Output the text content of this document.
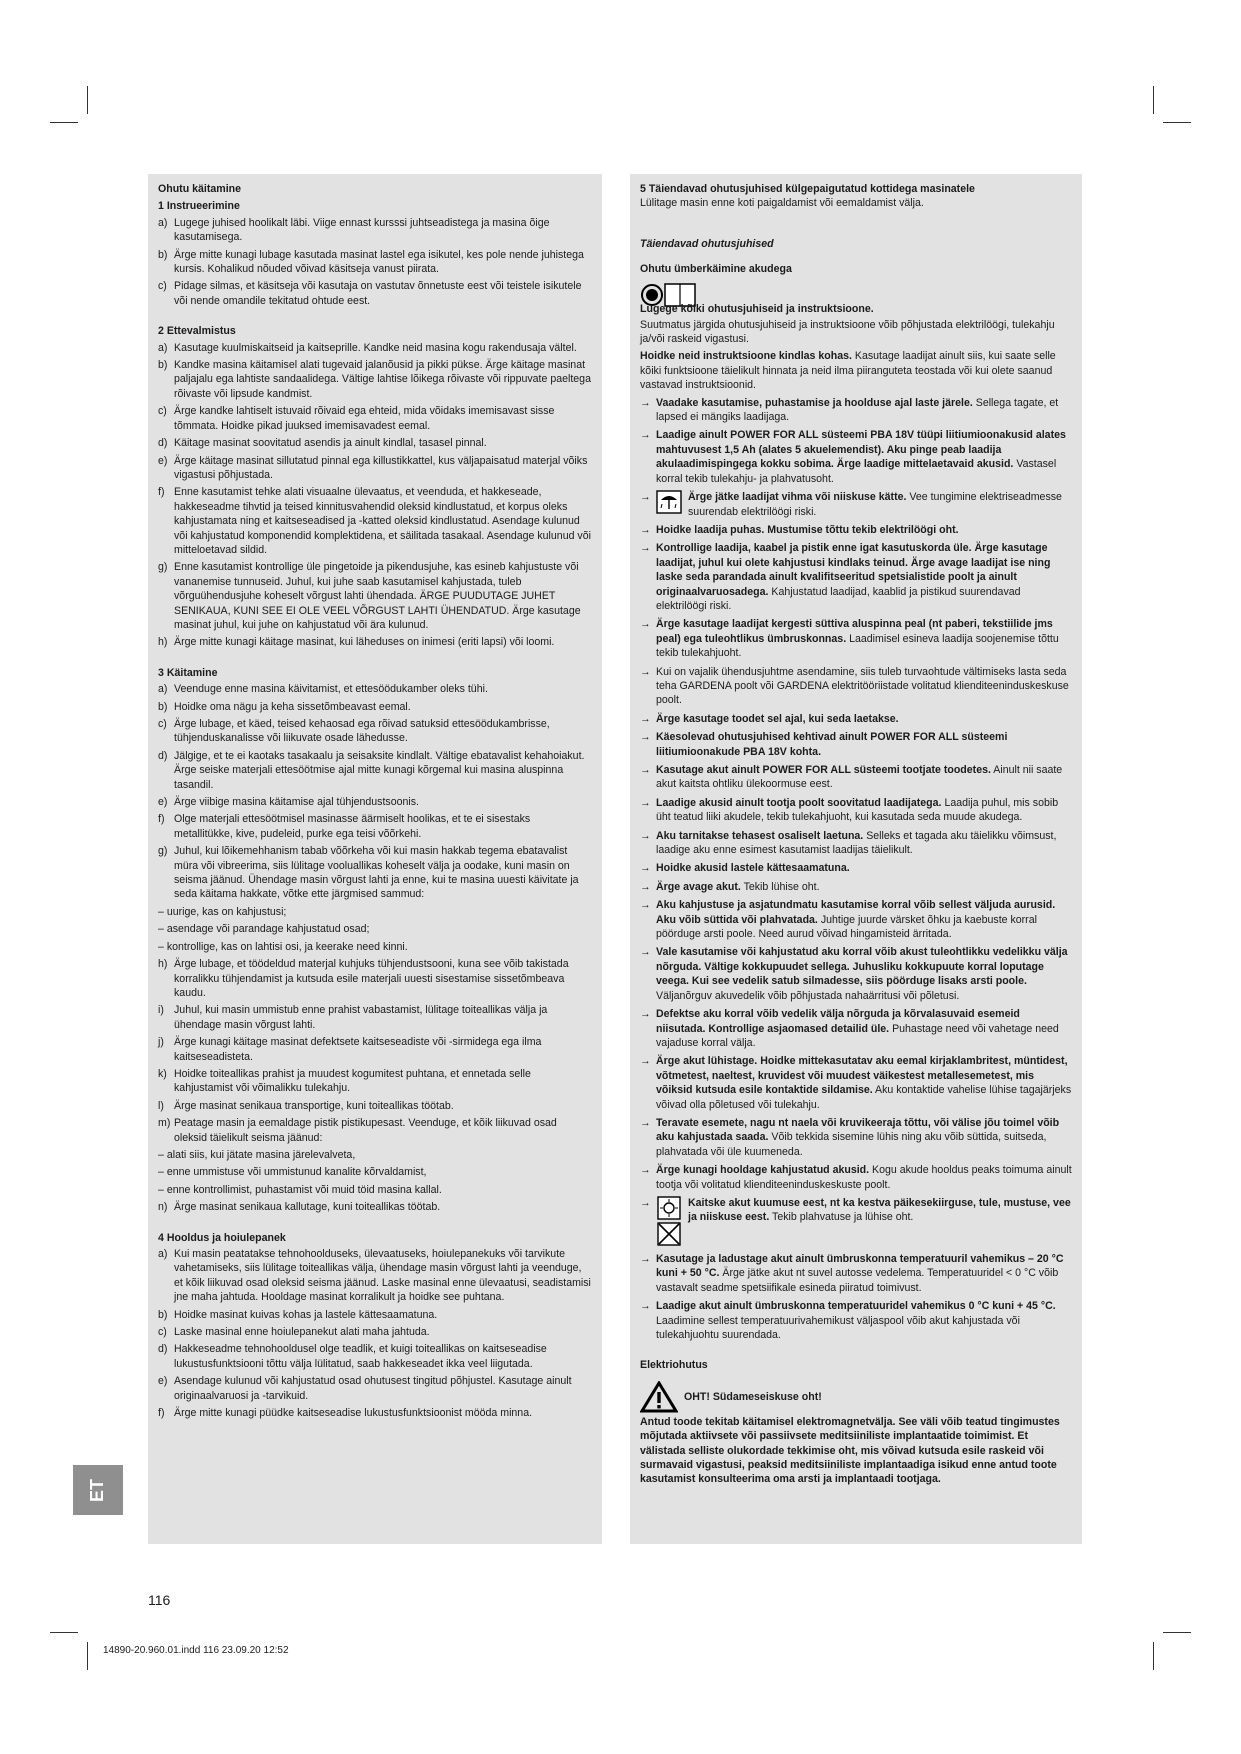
Ohutu käitamine

1 Instrueerimine

a) Lugege juhised hoolikalt läbi. Viige ennast kursssi juhtseadistega ja masina õige kasutamisega.
b) Ärge mitte kunagi lubage kasutada masinat lastel ega isikutel, kes pole nende juhistega kursis. Kohalikud nõuded võivad käsitseja vanust piirata.
c) Pidage silmas, et käsitseja või kasutaja on vastutav õnnetuste eest või teistele isikutele või nende omandile tekitatud ohtude eest.

2 Ettevalmistus

a) Kasutage kuulmiskaitseid ja kaitseprille. Kandke neid masina kogu rakendusaja vältel.
b) Kandke masina käitamisel alati tugevaid jalanõusid ja pikki pükse. Ärge käitage masinat paljajalu ega lahtiste sandaalidega. Vältige lahtise lõikega rõivaste või rippuvate paeltega rõivaste või lipsude kandmist.
c) Ärge kandke lahtiselt istuvaid rõivaid ega ehteid, mida võidaks imemisavast sisse tõmmata. Hoidke pikad juuksed imemisavadest eemal.
d) Käitage masinat soovitatud asendis ja ainult kindlal, tasasel pinnal.
e) Ärge käitage masinat sillutatud pinnal ega killustikkattel, kus väljapaisatud materjal võiks vigastusi põhjustada.
f) Enne kasutamist tehke alati visuaalne ülevaatus, et veenduda, et hakkeseade, hakkeseadme tihvtid ja teised kinnitusvahendid oleksid kindlustatud, et korpus oleks kahjustamata ning et kaitseseadised ja -katted oleksid kindlustatud. Asendage kulunud või kahjustatud komponendid komplektidena, et säilitada tasakaal. Asendage kulunud või mitteloetavad sildid.
g) Enne kasutamist kontrollige üle pingetoide ja pikendusjuhe, kas esineb kahjustuste või vananemise tunnuseid. Juhul, kui juhe saab kasutamisel kahjustada, tuleb võrguühendusjuhe koheselt võrgust lahti ühendada. ÄRGE PUUDUTAGE JUHET SENIKAUA, KUNI SEE EI OLE VEEL VÕRGUST LAHTI ÜHENDATUD. Ärge kasutage masinat juhul, kui juhe on kahjustatud või ära kulunud.
h) Ärge mitte kunagi käitage masinat, kui läheduses on inimesi (eriti lapsi) või loomi.

3 Käitamine

a) Veenduge enne masina käivitamist, et ettesöödukamber oleks tühi.
b) Hoidke oma nägu ja keha sissetõmbeavast eemal.
c) Ärge lubage, et käed, teised kehaosad ega rõivad satuksid ettesöödukambrisse, tühjenduskanalisse või liikuvate osade lähedusse.
d) Jälgige, et te ei kaotaks tasakaalu ja seisaksite kindlalt. Vältige ebatavalist kehahoiakut. Ärge seiske materjali ettesöötmise ajal mitte kunagi kõrgemal kui masina aluspinna tasandil.
e) Ärge viibige masina käitamise ajal tühjendustsoonis.
f) Olge materjali ettesöötmisel masinasse äärmiselt hoolikas, et te ei sisestaks metallitükke, kive, pudeleid, purke ega teisi võõrkehi.
g) Juhul, kui lõikemehhanism tabab võõrkeha või kui masin hakkab tegema ebatavalist müra või vibreerima, siis lülitage vooluallikas koheselt välja ja oodake, kuni masin on seisma jäänud. Ühendage masin võrgust lahti ja enne, kui te masina uuesti käivitate ja seda käitama hakkate, võtke ette järgmised sammud:
– uurige, kas on kahjustusi;
– asendage või parandage kahjustatud osad;
– kontrollige, kas on lahtisi osi, ja keerake need kinni.
h) Ärge lubage, et töödeldud materjal kuhjuks tühjendustsooni, kuna see võib takistada korralikku tühjendamist ja kutsuda esile materjali uuesti sisestamise sissetõmbeava kaudu.
i) Juhul, kui masin ummistub enne prahist vabastamist, lülitage toiteallikas välja ja ühendage masin võrgust lahti.
j) Ärge kunagi käitage masinat defektsete kaitseseadiste või -sirmidega ega ilma kaitseseadisteta.
k) Hoidke toiteallikas prahist ja muudest kogumitest puhtana, et ennetada selle kahjustamist või võimalikku tulekahju.
l) Ärge masinat senikaua transportige, kuni toiteallikas töötab.
m) Peatage masin ja eemaldage pistik pistikupesast. Veenduge, et kõik liikuvad osad oleksid täielikult seisma jäänud:
– alati siis, kui jätate masina järelevalveta,
– enne ummistuse või ummistunud kanalite kõrvaldamist,
– enne kontrollimist, puhastamist või muid töid masina kallal.
n) Ärge masinat senikaua kallutage, kuni toiteallikas töötab.

4 Hooldus ja hoiulepanek

a) Kui masin peatatakse tehnohoolduseks, ülevaatuseks, hoiulepanekuks või tarvikute vahetamiseks, siis lülitage toiteallikas välja, ühendage masin võrgust lahti ja veenduge, et kõik liikuvad osad oleksid seisma jäänud. Laske masinal enne ülevaatusi, seadistamisi jne maha jahtuda. Hooldage masinat korralikult ja hoidke see puhtana.
b) Hoidke masinat kuivas kohas ja lastele kättesaamatuna.
c) Laske masinal enne hoiulepanekut alati maha jahtuda.
d) Hakkeseadme tehnohooldusel olge teadlik, et kuigi toiteallikas on kaitseseadise lukustusfunktsiooni tõttu välja lülitatud, saab hakkeseadet ikka veel liigutada.
e) Asendage kulunud või kahjustatud osad ohutusest tingitud põhjustel. Kasutage ainult originaalvaruosi ja -tarvikuid.
f) Ärge mitte kunagi püüdke kaitseseadise lukustusfunktsioonist mööda minna.

5 Täiendavad ohutusjuhised külgepaigutatud kottidega masinatele

Lülitage masin enne koti paigaldamist või eemaldamist välja.

Täiendavad ohutusjuhised

Ohutu ümberkäimine akudega

Lugege kõiki ohutusjuhiseid ja instruktsioone.

Suutmatus järgida ohutusjuhiseid ja instruktsioone võib põhjustada elektrilöögi, tulekahju ja/või raskeid vigastusi.

Hoidke neid instruktsioone kindlas kohas. Kasutage laadijat ainult siis, kui saate selle kõiki funktsioone täielikult hinnata ja neid ilma piiranguteta teostada või kui olete saanud vastavad instruktsioonid.

→ Vaadake kasutamise, puhastamise ja hoolduse ajal laste järele. Sellega tagate, et lapsed ei mängiks laadijaga.
→ Laadige ainult POWER FOR ALL süsteemi PBA 18V tüüpi liitiumioonakusid alates mahtuvusest 1,5 Ah (alates 5 akuelemendist). Aku pinge peab laadija akulaadimispingega kokku sobima. Ärge laadige mittelaetavaid akusid. Vastasel korral tekib tulekahju- ja plahvatusoht.
→	Ärge jätke laadijat vihma või niiskuse kätte. Vee tungimine elektriseadmesse suurendab elektrilöögi riski.
→ Hoidke laadija puhas. Mustumise tõttu tekib elektrilöögi oht.
→ Kontrollige laadija, kaabel ja pistik enne igat kasutuskorda üle. Ärge kasutage laadijat, juhul kui olete kahjustusi kindlaks teinud. Ärge avage laadijat ise ning laske seda parandada ainult kvalifitseeritud spetsialistide poolt ja ainult originaalvaruosadega. Kahjustatud laadijad, kaablid ja pistikud suurendavad elektrilöögi riski.
→ Ärge kasutage laadijat kergesti süttiva aluspinna peal (nt paberi, tekstiilide jms peal) ega tuleohtlikus ümbruskonnas. Laadimisel esineva laadija soojenemise tõttu tekib tulekahjuoht.
→ Kui on vajalik ühendusjuhtme asendamine, siis tuleb turvaohtude vältimiseks lasta seda teha GARDENA poolt või GARDENA elektritööriistade volitatud klienditeeninduskeskuse poolt.
→ Ärge kasutage toodet sel ajal, kui seda laetakse.
→ Käesolevad ohutusjuhised kehtivad ainult POWER FOR ALL süsteemi liitiumioonakude PBA 18V kohta.
→ Kasutage akut ainult POWER FOR ALL süsteemi tootjate toodetes. Ainult nii saate akut kaitsta ohtliku ülekoormuse eest.
→ Laadige akusid ainult tootja poolt soovitatud laadijatega. Laadija puhul, mis sobib üht teatud liiki akudele, tekib tulekahjuoht, kui kasutada seda muude akudega.
→ Aku tarnitakse tehasest osaliselt laetuna. Selleks et tagada aku täielikku võimsust, laadige aku enne esimest kasutamist laadijas täielikult.
→ Hoidke akusid lastele kättesaamatuna.
→ Ärge avage akut. Tekib lühise oht.
→ Aku kahjustuse ja asjatundmatu kasutamise korral võib sellest väljuda aurusid. Aku võib süttida või plahvatada. Juhtige juurde värsket õhku ja kaebuste korral pöörduge arsti poole. Need aurud võivad hingamisteid ärritada.
→ Vale kasutamise või kahjustatud aku korral võib akust tuleohtlikku vedelikku välja nõrguda. Vältige kokkupuudet sellega. Juhusliku kokkupuute korral loputage veega. Kui see vedelik satub silmadesse, siis pöörduge lisaks arsti poole. Väljanõrguv akuvedelik võib põhjustada nahaärritusi või põletusi.
→ Defektse aku korral võib vedelik välja nõrguda ja kõrvalasuvaid esemeid niisutada. Kontrollige asjaomased detailid üle. Puhastage need või vahetage need vajaduse korral välja.
→ Ärge akut lühistage. Hoidke mittekasutatav aku eemal kirjaklambritest, müntidest, võtmetest, naeltest, kruvidest või muudest väikestest metallesemetest, mis võiksid kutsuda esile kontaktide sildamise. Aku kontaktide vahelise lühise tagajärjeks võivad olla põletused või tulekahju.
→ Teravate esemete, nagu nt naela või kruvikeeraja tõttu, või välise jõu toimel võib aku kahjustada saada. Võib tekkida sisemine lühis ning aku võib süttida, suitseda, plahvatada või üle kuumeneda.
→ Ärge kunagi hooldage kahjustatud akusid. Kogu akude hooldus peaks toimuma ainult tootja või volitatud klienditeeninduskeskuste poolt.
→	Kaitske akut kuumuse eest, nt ka kestva päikesekiirguse, tule, mustuse, vee ja niiskuse eest. Tekib plahvatuse ja lühise oht.
→ Kasutage ja ladustage akut ainult ümbruskonna temperatuuril vahemikus – 20 °C kuni + 50 °C. Ärge jätke akut nt suvel autosse vedelema. Temperatuuridel < 0 °C võib vastavalt seadme spetsiifikale esineda piiratud toimivust.
→ Laadige akut ainult ümbruskonna temperatuuridel vahemikus 0 °C kuni + 45 °C. Laadimine sellest temperatuurivahemikust väljaspool võib akut kahjustada või tulekahjuohtu suurendada.

Elektriohutus

OHT! Südameseiskuse oht!

Antud toode tekitab käitamisel elektromagnetvälja. See väli võib teatud tingimustes mõjutada aktiivsete või passiivsete meditsiiniliste implantaatide toimimist. Et välistada selliste olukordade tekkimise oht, mis võivad kutsuda esile raskeid või surmavaid vigastusi, peaksid meditsiiniliste implantaadiga isikud enne antud toote kasutamist konsulteerima oma arsti ja implantaadi tootjaga.

ET
116
14890-20.960.01.indd 116 23.09.20 12:52
